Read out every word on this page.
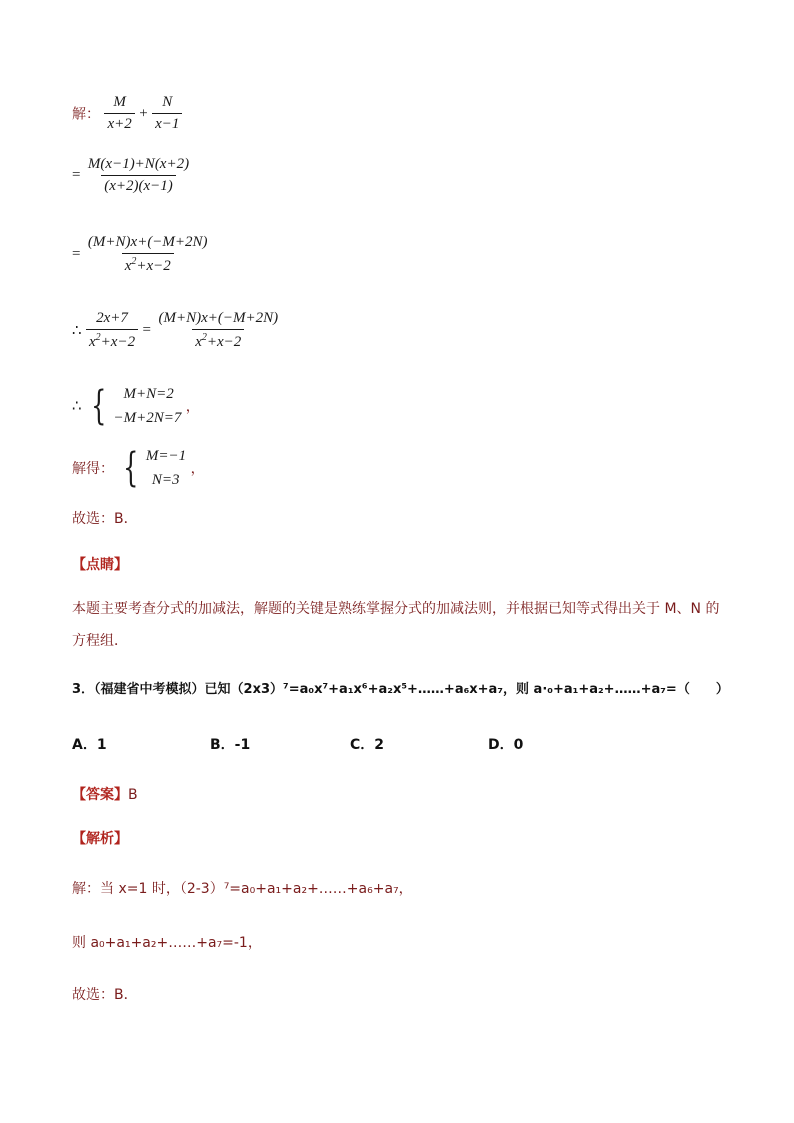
解： $\frac{M}{x+2} + \frac{N}{x-1}$
= $\frac{M(x-1)+N(x+2)}{(x+2)(x-1)}$
= $\frac{(M+N)x+(-M+2N)}{x^2+x-2}$
∴ $\frac{2x+7}{x^2+x-2} = \frac{(M+N)x+(-M+2N)}{x^2+x-2}$
∴ {	M+N=2
−M+2N=7
，
解得： { M=−1
N=3
，
故选：B．
【点睛】
本题主要考查分式的加减法，解题的关键是熟练掌握分式的加减法则，并根据已知等式得出关于 M、N 的
方程组．
3．（福建省中考模拟）已知（2x3）⁷=a₀x⁷+a₁x⁶+a₂x⁵+……+a₆x+a₇，则 a·₀+a₁+a₂+……+a₇=（　　）
A．1	B．-1	C．2	D．0
【答案】B
【解析】
解：当 x=1 时，（2-3）⁷=a₀+a₁+a₂+……+a₆+a₇，
则 a₀+a₁+a₂+……+a₇=-1，
故选：B．
